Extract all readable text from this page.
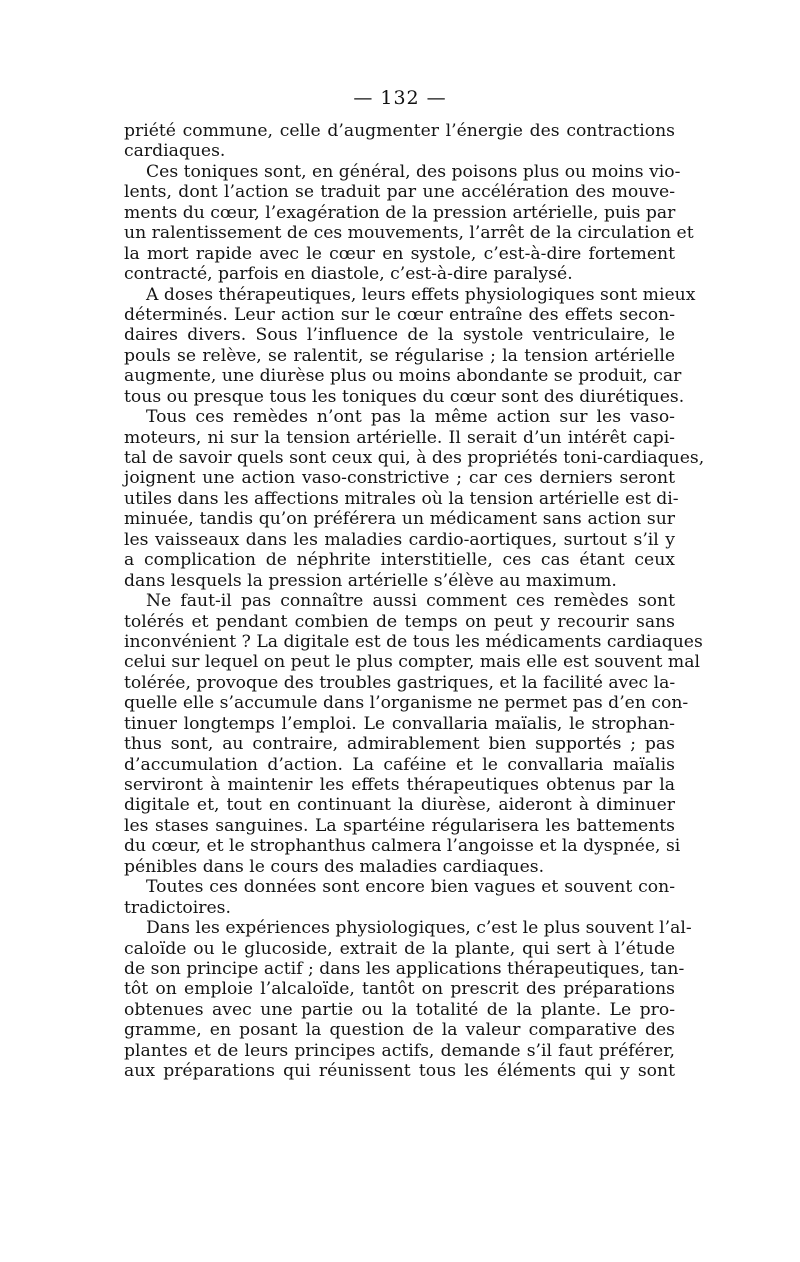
— 132 —
priété commune, celle d’augmenter l’énergie des contractions
cardiaques.
Ces toniques sont, en général, des poisons plus ou moins vio-
lents, dont l’action se traduit par une accélération des mouve-
ments du cœur, l’exagération de la pression artérielle, puis par
un ralentissement de ces mouvements, l’arrêt de la circulation et
la mort rapide avec le cœur en systole, c’est-à-dire fortement
contracté, parfois en diastole, c’est-à-dire paralysé.
A doses thérapeutiques, leurs effets physiologiques sont mieux
déterminés. Leur action sur le cœur entraîne des effets secon-
daires divers. Sous l’influence de la systole ventriculaire, le
pouls se relève, se ralentit, se régularise ; la tension artérielle
augmente, une diurèse plus ou moins abondante se produit, car
tous ou presque tous les toniques du cœur sont des diurétiques.
Tous ces remèdes n’ont pas la même action sur les vaso-
moteurs, ni sur la tension artérielle. Il serait d’un intérêt capi-
tal de savoir quels sont ceux qui, à des propriétés toni-cardiaques,
joignent une action vaso-constrictive ; car ces derniers seront
utiles dans les affections mitrales où la tension artérielle est di-
minuée, tandis qu’on préférera un médicament sans action sur
les vaisseaux dans les maladies cardio-aortiques, surtout s’il y
a complication de néphrite interstitielle, ces cas étant ceux
dans lesquels la pression artérielle s’élève au maximum.
Ne faut-il pas connaître aussi comment ces remèdes sont
tolérés et pendant combien de temps on peut y recourir sans
inconvénient ? La digitale est de tous les médicaments cardiaques
celui sur lequel on peut le plus compter, mais elle est souvent mal
tolérée, provoque des troubles gastriques, et la facilité avec la-
quelle elle s’accumule dans l’organisme ne permet pas d’en con-
tinuer longtemps l’emploi. Le convallaria maïalis, le strophan-
thus sont, au contraire, admirablement bien supportés ; pas
d’accumulation d’action. La caféine et le convallaria maïalis
serviront à maintenir les effets thérapeutiques obtenus par la
digitale et, tout en continuant la diurèse, aideront à diminuer
les stases sanguines. La spartéine régularisera les battements
du cœur, et le strophanthus calmera l’angoisse et la dyspnée, si
pénibles dans le cours des maladies cardiaques.
Toutes ces données sont encore bien vagues et souvent con-
tradictoires.
Dans les expériences physiologiques, c’est le plus souvent l’al-
caloïde ou le glucoside, extrait de la plante, qui sert à l’étude
de son principe actif ; dans les applications thérapeutiques, tan-
tôt on emploie l’alcaloïde, tantôt on prescrit des préparations
obtenues avec une partie ou la totalité de la plante. Le pro-
gramme, en posant la question de la valeur comparative des
plantes et de leurs principes actifs, demande s’il faut préférer,
aux préparations qui réunissent tous les éléments qui y sont
